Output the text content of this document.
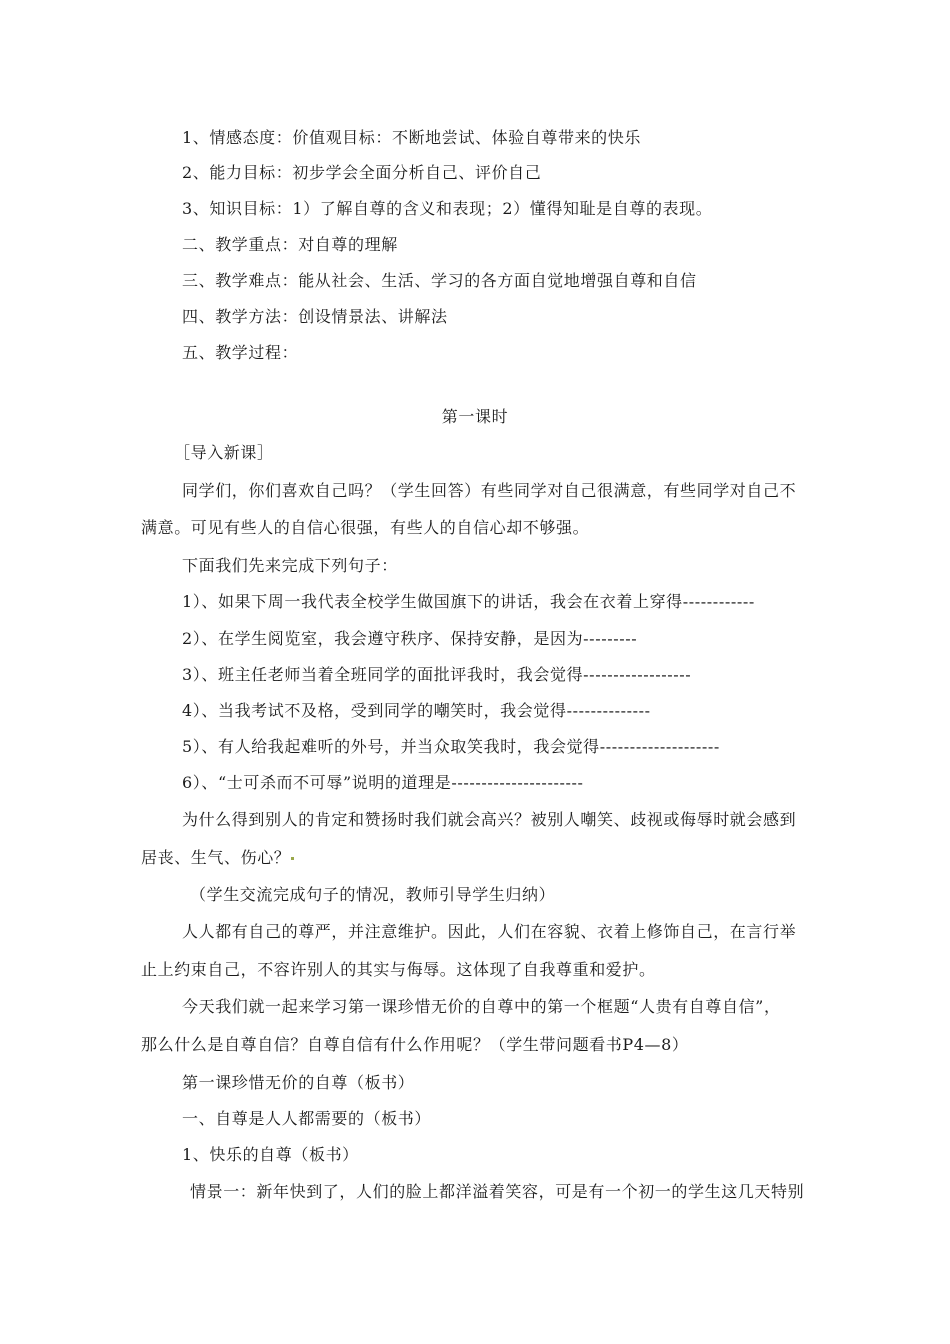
1、情感态度：价值观目标：不断地尝试、体验自尊带来的快乐
2、能力目标：初步学会全面分析自己、评价自己
3、知识目标：1）了解自尊的含义和表现；2）懂得知耻是自尊的表现。
二、教学重点：对自尊的理解
三、教学难点：能从社会、生活、学习的各方面自觉地增强自尊和自信
四、教学方法：创设情景法、讲解法
五、教学过程：
第一课时
［导入新课］
同学们，你们喜欢自己吗？（学生回答）有些同学对自己很满意，有些同学对自己不
满意。可见有些人的自信心很强，有些人的自信心却不够强。
下面我们先来完成下列句子：
1）、如果下周一我代表全校学生做国旗下的讲话，我会在衣着上穿得------------
2）、在学生阅览室，我会遵守秩序、保持安静，是因为---------
3）、班主任老师当着全班同学的面批评我时，我会觉得------------------
4）、当我考试不及格，受到同学的嘲笑时，我会觉得--------------
5）、有人给我起难听的外号，并当众取笑我时，我会觉得--------------------
6）、“士可杀而不可辱”说明的道理是----------------------
为什么得到别人的肯定和赞扬时我们就会高兴？被别人嘲笑、歧视或侮辱时就会感到
居丧、生气、伤心？
（学生交流完成句子的情况，教师引导学生归纳）
人人都有自己的尊严，并注意维护。因此，人们在容貌、衣着上修饰自己，在言行举
止上约束自己，不容许别人的其实与侮辱。这体现了自我尊重和爱护。
今天我们就一起来学习第一课珍惜无价的自尊中的第一个框题“人贵有自尊自信”，
那么什么是自尊自信？自尊自信有什么作用呢？（学生带问题看书P4—8）
第一课珍惜无价的自尊（板书）
一、自尊是人人都需要的（板书）
1、快乐的自尊（板书）
情景一：新年快到了，人们的脸上都洋溢着笑容，可是有一个初一的学生这几天特别
